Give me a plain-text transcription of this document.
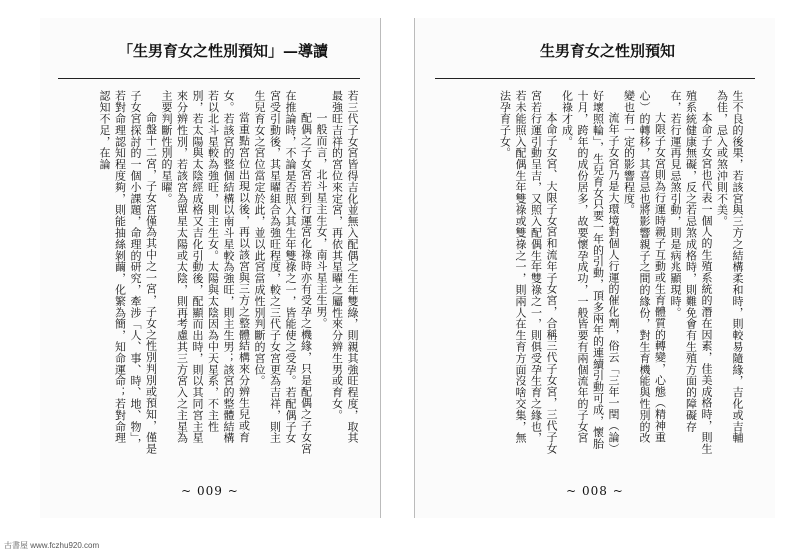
「生男育女之性別預知」—導讀

若三代子女宮皆得吉化並無入配偶之生年雙綠，則親其強旺程度，取其最強旺吉祥的宮位來定宮，再依其星曜之屬性來分辨生男或育女。

一般而言，北斗星主生女，南斗星主生男。

配偶之子女宮若到行運宮化祿時亦有受孕之機緣，只是配偶之子女宮在推論時，不論是否照入其生年雙祿之一，皆能使之受孕。若配偶子女宮受引動後，其星曜組合為強旺程度，較之三代子女宮更為吉祥，則主生兒育女之宮位當定於此，並以此宮當成性別判斷的宮位。

當重點宮位出現以後，再以該宮與三方之整體結構來分辨生兒或育女。若該宮的整個結構以南斗星較為強旺，則主生男；該宮的整體結構若以北斗星較為強旺，則主生女。太陽與太陰因為中天星系，不主性別，若太陽與太陰經成格又吉化引動後，配顯而出時，則以其同宮主星來分辨性別，若該宮為單星太陽或太陰，則再考慮其三方宮入之主星為主要判斷性別的星曜。

命盤十二宮，子女宮僅為其中之一宮，子女之性別判別或預知，僅是子女宮探討的一個小課題，命理的研究，牽涉「人、事、時、地、物」，若對命理認知程度夠，則能抽絲剝繭，化繁為簡，知命運命；若對命理認知不足，在論

~ 009 ~
生男育女之性別預知

生不良的後果，若該宮與三方之結構柔和時，則較易隨緣，吉化或吉輔為佳，忌入或煞沖則不美。

本命子女宮也代表一個人的生殖系統的潛在因素，佳美成格時，則生殖系統健康無礙，反之若忌煞成格時，則難免會有生殖方面的障礙存在，若行運再見忌煞引動，則是病兆顯現時。

大限子女宮則為行運時親子互動或生育體質的轉變，心態（精神重心）的轉移，其喜忌也將影響親子之間的緣份，對生育機能與性別的改變也有一定的影響程度。

流年子女宮乃是大環境對個人行運的催化劑，俗云「三年一閏（論）好壞照輪」，生兒育女只要一年的引動，頂多兩年的連續引動可成，懷胎十月，跨年的成份居多，故要懷孕成功，一般皆要有兩個流年的子女宮化祿才成。

本命子女宮、大限子女宮和流年子女宮，合稱三代子女宮，三代子女宮若行運引動呈吉，又照入配偶生年雙祿之一，則俱受孕生育之緣也，若未能照入配偶生年雙祿或雙祿之一，則兩人在生育方面沒啥交集，無法孕育子女。

~ 008 ~
古書屋 www.fczhu920.com
